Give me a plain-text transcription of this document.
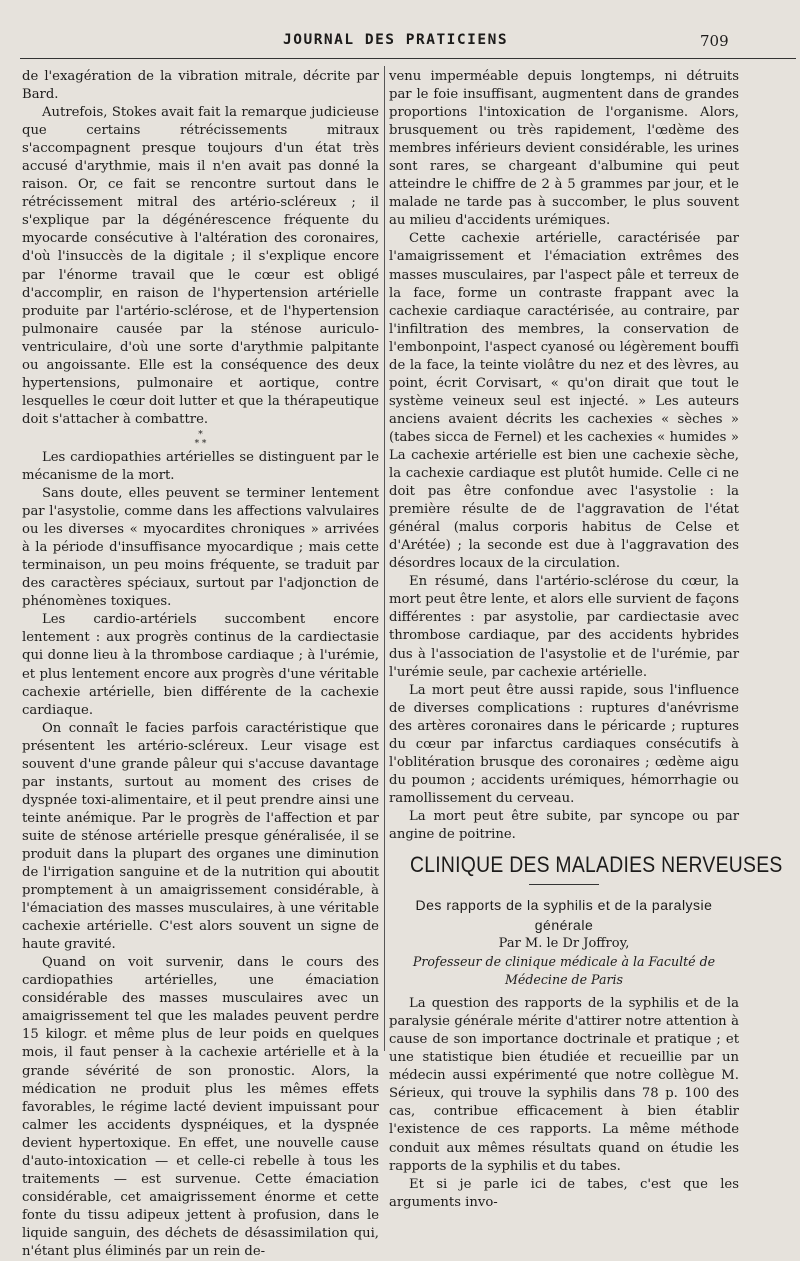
JOURNAL DES PRATICIENS	709

de l'exagération de la vibration mitrale, décrite par Bard.

Autrefois, Stokes avait fait la remarque judicieuse que certains rétrécissements mitraux s'accompagnent presque toujours d'un état très accusé d'arythmie, mais il n'en avait pas donné la raison. Or, ce fait se rencontre surtout dans le rétrécissement mitral des artério-scléreux ; il s'explique par la dégénérescence fréquente du myocarde consécutive à l'altération des coronaires, d'où l'insuccès de la digitale ; il s'explique encore par l'énorme travail que le cœur est obligé d'accomplir, en raison de l'hypertension artérielle produite par l'artério-sclérose, et de l'hypertension pulmonaire causée par la sténose auriculo-ventriculaire, d'où une sorte d'arythmie palpitante ou angoissante. Elle est la conséquence des deux hypertensions, pulmonaire et aortique, contre lesquelles le cœur doit lutter et que la thérapeutique doit s'attacher à combattre.

*
* *

Les cardiopathies artérielles se distinguent par le mécanisme de la mort.

Sans doute, elles peuvent se terminer lentement par l'asystolie, comme dans les affections valvulaires ou les diverses « myocardites chroniques » arrivées à la période d'insuffisance myocardique ; mais cette terminaison, un peu moins fréquente, se traduit par des caractères spéciaux, surtout par l'adjonction de phénomènes toxiques.

Les cardio-artériels succombent encore lentement : aux progrès continus de la cardiectasie qui donne lieu à la thrombose cardiaque ; à l'urémie, et plus lentement encore aux progrès d'une véritable cachexie artérielle, bien différente de la cachexie cardiaque.

On connaît le facies parfois caractéristique que présentent les artério-scléreux. Leur visage est souvent d'une grande pâleur qui s'accuse davantage par instants, surtout au moment des crises de dyspnée toxi-alimentaire, et il peut prendre ainsi une teinte anémique. Par le progrès de l'affection et par suite de sténose artérielle presque généralisée, il se produit dans la plupart des organes une diminution de l'irrigation sanguine et de la nutrition qui aboutit promptement à un amaigrissement considérable, à l'émaciation des masses musculaires, à une véritable cachexie artérielle. C'est alors souvent un signe de haute gravité.

Quand on voit survenir, dans le cours des cardiopathies artérielles, une émaciation considérable des masses musculaires avec un amaigrissement tel que les malades peuvent perdre 15 kilogr. et même plus de leur poids en quelques mois, il faut penser à la cachexie artérielle et à la grande sévérité de son pronostic. Alors, la médication ne produit plus les mêmes effets favorables, le régime lacté devient impuissant pour calmer les accidents dyspnéiques, et la dyspnée devient hypertoxique. En effet, une nouvelle cause d'auto-intoxication — et celle-ci rebelle à tous les traitements — est survenue. Cette émaciation considérable, cet amaigrissement énorme et cette fonte du tissu adipeux jettent à profusion, dans le liquide sanguin, des déchets de désassimilation qui, n'étant plus éliminés par un rein de-

venu imperméable depuis longtemps, ni détruits par le foie insuffisant, augmentent dans de grandes proportions l'intoxication de l'organisme. Alors, brusquement ou très rapidement, l'œdème des membres inférieurs devient considérable, les urines sont rares, se chargeant d'albumine qui peut atteindre le chiffre de 2 à 5 grammes par jour, et le malade ne tarde pas à succomber, le plus souvent au milieu d'accidents urémiques.

Cette cachexie artérielle, caractérisée par l'amaigrissement et l'émaciation extrêmes des masses musculaires, par l'aspect pâle et terreux de la face, forme un contraste frappant avec la cachexie cardiaque caractérisée, au contraire, par l'infiltration des membres, la conservation de l'embonpoint, l'aspect cyanosé ou légèrement bouffi de la face, la teinte violâtre du nez et des lèvres, au point, écrit Corvisart, « qu'on dirait que tout le système veineux seul est injecté. » Les auteurs anciens avaient décrits les cachexies « sèches » (tabes sicca de Fernel) et les cachexies « humides » La cachexie artérielle est bien une cachexie sèche, la cachexie cardiaque est plutôt humide. Celle ci ne doit pas être confondue avec l'asystolie : la première résulte de de l'aggravation de l'état général (malus corporis habitus de Celse et d'Arétée) ; la seconde est due à l'aggravation des désordres locaux de la circulation.

En résumé, dans l'artério-sclérose du cœur, la mort peut être lente, et alors elle survient de façons différentes : par asystolie, par cardiectasie avec thrombose cardiaque, par des accidents hybrides dus à l'association de l'asystolie et de l'urémie, par l'urémie seule, par cachexie artérielle.

La mort peut être aussi rapide, sous l'influence de diverses complications : ruptures d'anévrisme des artères coronaires dans le péricarde ; ruptures du cœur par infarctus cardiaques consécutifs à l'oblitération brusque des coronaires ; œdème aigu du poumon ; accidents urémiques, hémorrhagie ou ramollissement du cerveau.

La mort peut être subite, par syncope ou par angine de poitrine.

CLINIQUE DES MALADIES NERVEUSES

Des rapports de la syphilis et de la paralysie générale

Par M. le Dr Joffroy,

Professeur de clinique médicale à la Faculté de Médecine de Paris

La question des rapports de la syphilis et de la paralysie générale mérite d'attirer notre attention à cause de son importance doctrinale et pratique ; et une statistique bien étudiée et recueillie par un médecin aussi expérimenté que notre collègue M. Sérieux, qui trouve la syphilis dans 78 p. 100 des cas, contribue efficacement à bien établir l'existence de ces rapports. La même méthode conduit aux mêmes résultats quand on étudie les rapports de la syphilis et du tabes.

Et si je parle ici de tabes, c'est que les arguments invo-
